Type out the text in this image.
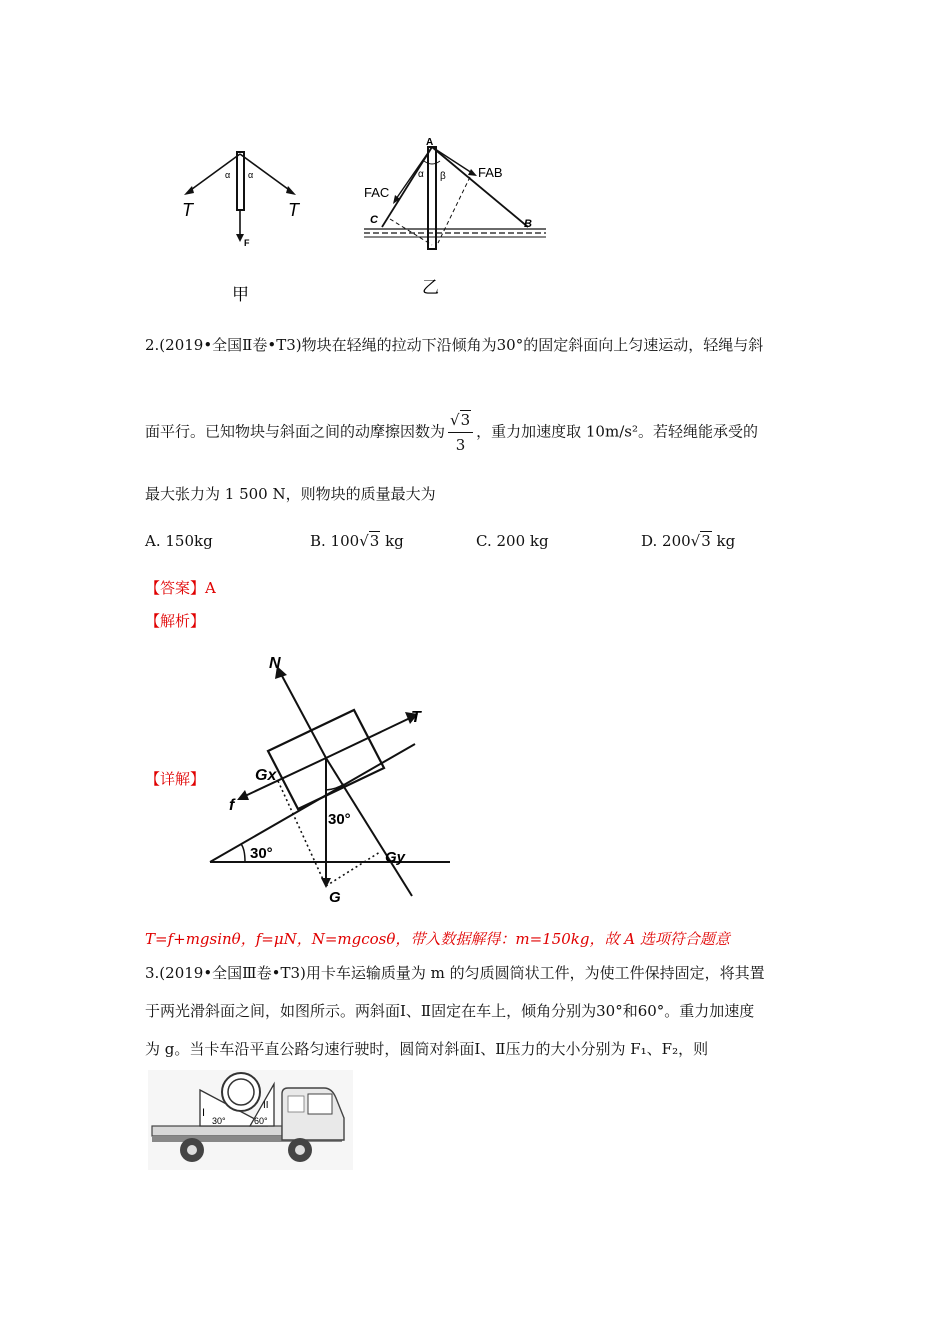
T	T
α α
F
甲
A
B
C
α β
FAC
FAB
乙
2.(2019•全国Ⅱ卷•T3)物块在轻绳的拉动下沿倾角为30°的固定斜面向上匀速运动，轻绳与斜
面平行。已知物块与斜面之间的动摩擦因数为 $\frac{√3}{3}$ ，重力加速度取 10m/s²。若轻绳能承受的
最大张力为 1 500 N，则物块的质量最大为
A. 150kg	B. 100√3 kg	C. 200 kg	D. 200√3 kg
【答案】A
【解析】
【详解】
N
T
Gx
f
30°
30°	Gy
G
T=f+mgsinθ，f=μN，N=mgcosθ，带入数据解得：m=150kg，故 A 选项符合题意
3.(2019•全国Ⅲ卷•T3)用卡车运输质量为 m 的匀质圆筒状工件，为使工件保持固定，将其置
于两光滑斜面之间，如图所示。两斜面Ⅰ、Ⅱ固定在车上，倾角分别为30°和60°。重力加速度
为 g。当卡车沿平直公路匀速行驶时，圆筒对斜面Ⅰ、Ⅱ压力的大小分别为 F₁、F₂，则
I
II
30°	60°
